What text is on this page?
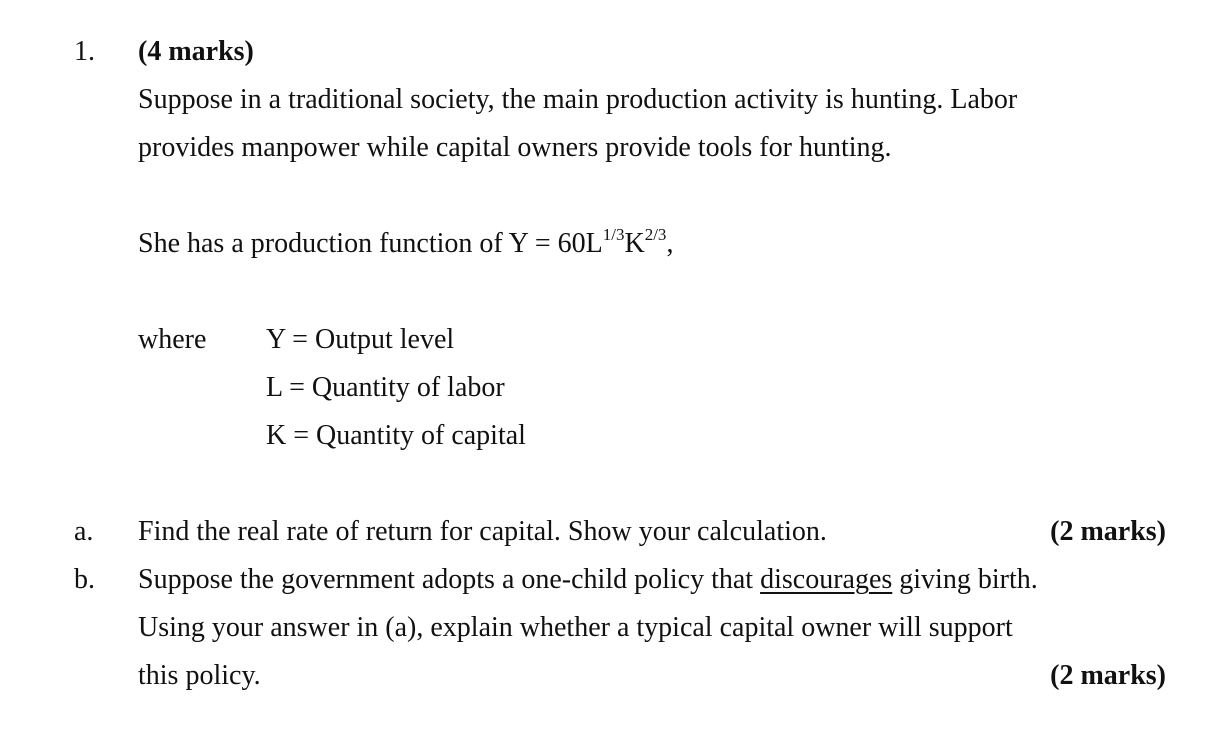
1. (4 marks)
Suppose in a traditional society, the main production activity is hunting. Labor
provides manpower while capital owners provide tools for hunting.
She has a production function of $Y = 60L^{1/3}K^{2/3}$,
where Y = Output level
L = Quantity of labor
K = Quantity of capital
a. Find the real rate of return for capital. Show your calculation.	(2 marks)
b. Suppose the government adopts a one-child policy that discourages giving birth.
Using your answer in (a), explain whether a typical capital owner will support
this policy.	(2 marks)
